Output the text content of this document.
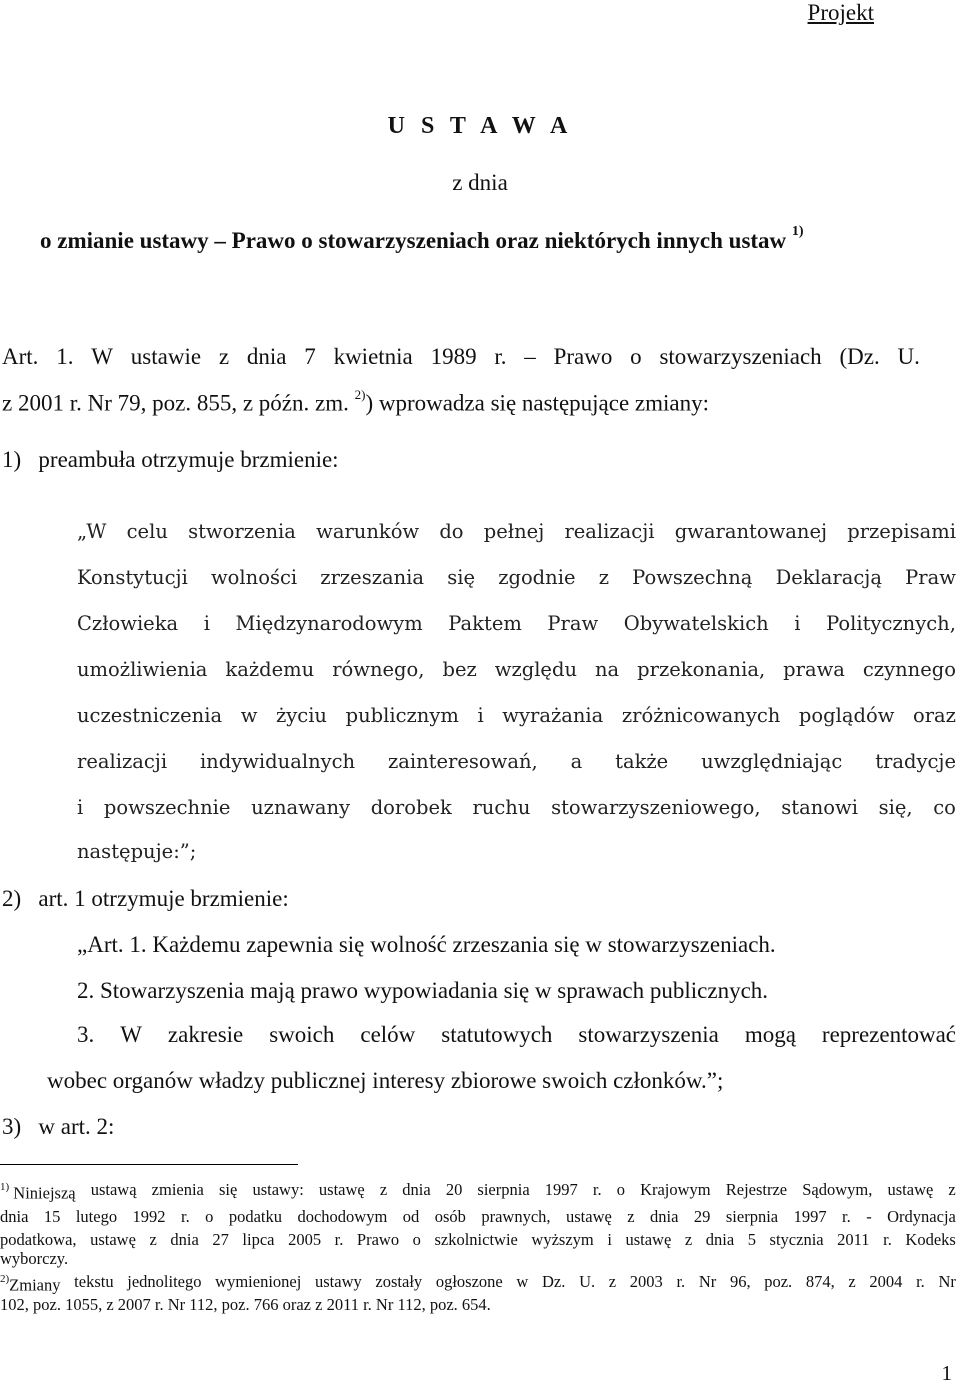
Projekt
U S T A W A
z dnia
o zmianie ustawy – Prawo o stowarzyszeniach oraz niektórych innych ustaw $^{1)}$
Art. 1. W ustawie z dnia 7 kwietnia 1989 r. – Prawo o stowarzyszeniach (Dz. U.
z 2001 r. Nr 79, poz. 855, z późn. zm. $^{2)}$) wprowadza się następujące zmiany:
1)   preambuła otrzymuje brzmienie:
„W celu stworzenia warunków do pełnej realizacji gwarantowanej przepisami
Konstytucji wolności zrzeszania się zgodnie z Powszechną Deklaracją Praw
Człowieka i Międzynarodowym Paktem Praw Obywatelskich i Politycznych,
umożliwienia każdemu równego, bez względu na przekonania, prawa czynnego
uczestniczenia w życiu publicznym i wyrażania zróżnicowanych poglądów oraz
realizacji indywidualnych zainteresowań, a także uwzględniając tradycje
i powszechnie uznawany dorobek ruchu stowarzyszeniowego, stanowi się, co
następuje:”;
2)   art. 1 otrzymuje brzmienie:
„Art. 1. Każdemu zapewnia się wolność zrzeszania się w stowarzyszeniach.
2. Stowarzyszenia mają prawo wypowiadania się w sprawach publicznych.
3. W zakresie swoich celów statutowych stowarzyszenia mogą reprezentować
wobec organów władzy publicznej interesy zbiorowe swoich członków.”;
3)   w art. 2:
$^{1)}$ Niniejszą ustawą zmienia się ustawy: ustawę z dnia 20 sierpnia 1997 r. o Krajowym Rejestrze Sądowym, ustawę z
dnia 15 lutego 1992 r. o podatku dochodowym od osób prawnych, ustawę z dnia 29 sierpnia 1997 r. - Ordynacja
podatkowa, ustawę z dnia 27 lipca 2005 r. Prawo o szkolnictwie wyższym i ustawę z dnia 5 stycznia 2011 r. Kodeks
wyborczy.
$^{2)}$Zmiany tekstu jednolitego wymienionej ustawy zostały ogłoszone w Dz. U. z 2003 r. Nr 96, poz. 874, z 2004 r. Nr
102, poz. 1055, z 2007 r. Nr 112, poz. 766 oraz z 2011 r. Nr 112, poz. 654.
1
